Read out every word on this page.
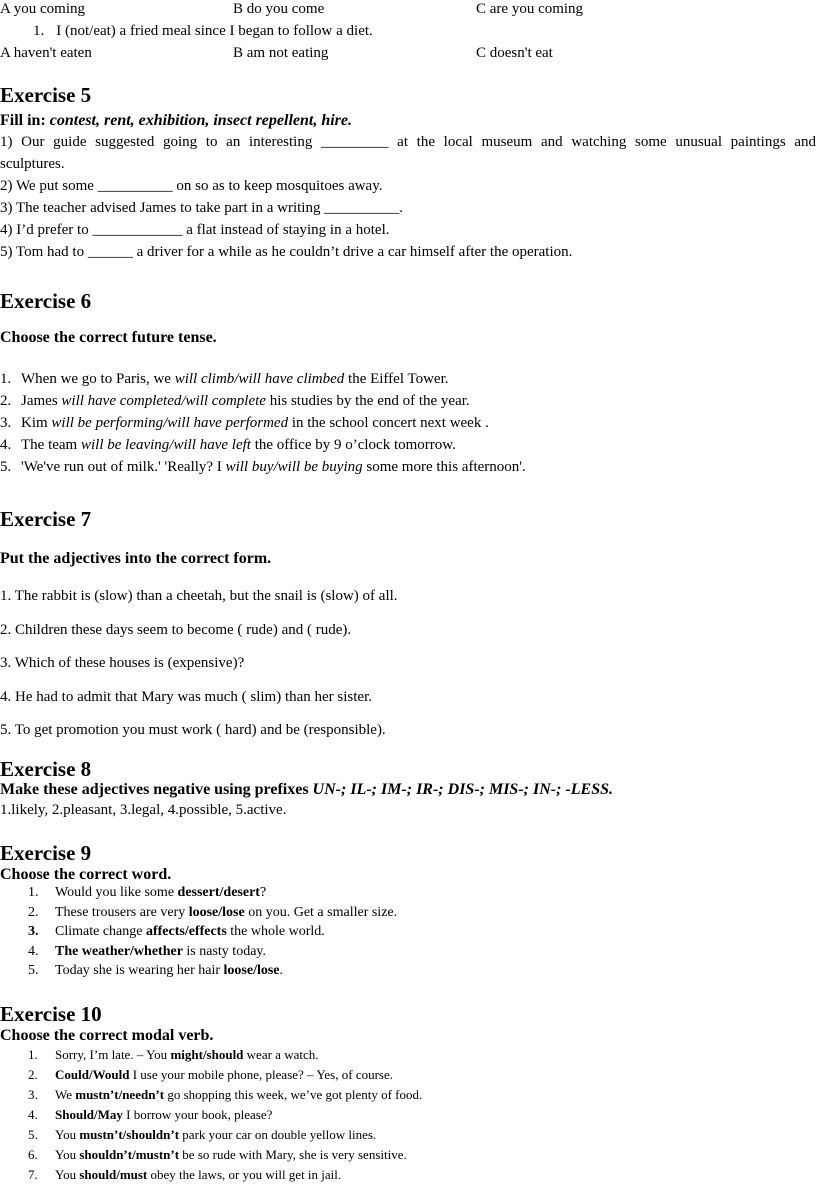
A you coming	B do you come	C are you coming
1. I (not/eat) a fried meal since I began to follow a diet.
A haven't eaten	B am not eating	C doesn't eat
Exercise 5
Fill in: contest, rent, exhibition, insect repellent, hire.
1) Our guide suggested going to an interesting _________ at the local museum and watching some unusual paintings and
sculptures.
2) We put some __________ on so as to keep mosquitoes away.
3) The teacher advised James to take part in a writing __________.
4) I’d prefer to ____________ a flat instead of staying in a hotel.
5) Tom had to ______ a driver for a while as he couldn’t drive a car himself after the operation.
Exercise 6
Choose the correct future tense.
1. When we go to Paris, we will climb/will have climbed the Eiffel Tower.
2. James will have completed/will complete his studies by the end of the year.
3. Kim will be performing/will have performed in the school concert next week .
4. The team will be leaving/will have left the office by 9 o’clock tomorrow.
5. 'We've run out of milk.' 'Really? I will buy/will be buying some more this afternoon'.
Exercise 7
Put the adjectives into the correct form.
1. The rabbit is (slow) than a cheetah, but the snail is (slow) of all.
2. Children these days seem to become ( rude) and ( rude).
3. Which of these houses is (expensive)?
4. He had to admit that Mary was much ( slim) than her sister.
5. To get promotion you must work ( hard) and be (responsible).
Exercise 8
Make these adjectives negative using prefixes UN-; IL-; IM-; IR-; DIS-; MIS-; IN-; -LESS.
1.likely, 2.pleasant, 3.legal, 4.possible, 5.active.
Exercise 9
Choose the correct word.
1. Would you like some dessert/desert?
2. These trousers are very loose/lose on you. Get a smaller size.
3. Climate change affects/effects the whole world.
4. The weather/whether is nasty today.
5. Today she is wearing her hair loose/lose.
Exercise 10
Choose the correct modal verb.
1. Sorry, I’m late. – You might/should wear a watch.
2. Could/Would I use your mobile phone, please? – Yes, of course.
3. We mustn’t/needn’t go shopping this week, we’ve got plenty of food.
4. Should/May I borrow your book, please?
5. You mustn’t/shouldn’t park your car on double yellow lines.
6. You shouldn’t/mustn’t be so rude with Mary, she is very sensitive.
7. You should/must obey the laws, or you will get in jail.
